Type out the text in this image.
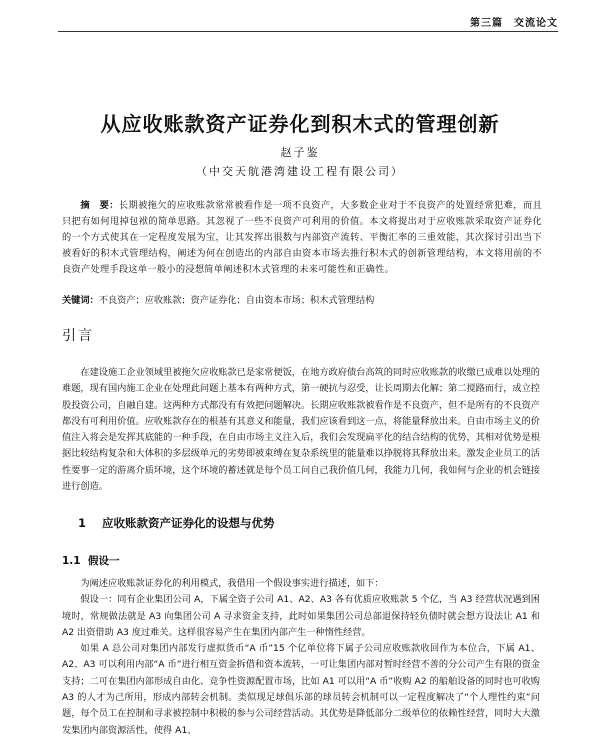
第三篇　交流论文
从应收账款资产证券化到积木式的管理创新
赵子鉴
（中交天航港湾建设工程有限公司）
摘　要：长期被拖欠的应收账款常常被看作是一项不良资产，大多数企业对于不良资产的处置经常犯难，而且只把有如何甩掉包袱的简单思路。其忽视了一些不良资产可利用的价值。本文将提出对于应收账款采取资产证券化的一个方式使其在一定程度发展为宝，让其发挥出很数与内部资产流转、平衡汇率的三重效能，其次探讨引出当下被看好的积木式管理结构，阐述为何在创造出的内部自由资本市场去推行积木式的创新管理结构，本文将用前的不良资产处理手段这单一般小的浸想简单阐述积木式管理的未来可能性和正确性。
关键词：不良资产；应收账款；资产证券化；自由资本市场；积木式管理结构
引言
在建设施工企业领域里被拖欠应收账款已是家常便饭，在地方政府债台高筑的同时应收账款的收缴已成难以处理的难题，现有国内施工企业在处理此问题上基本有两种方式，第一硬抗与忍受，让长周期去化解；第二搅路而行，成立控股投资公司，自融自建。这两种方式都没有有效把问题解决。长期应收账款被看作是不良资产，但不是所有的不良资产都没有可利用价值。应收账款存在的根基有其意义和能量，我们应该看到这一点，将能量释放出来。自由市场主义的价值注入将会是发挥其底能的一种手段，在自由市场主义注入后，我们会发现扁平化的结合结构的优势，其相对优势是根据比较结构复杂和大体积的多层级单元的劣势即被束缚在复杂系统里的能量难以挣脱将其释放出来。激发企业员工的活性要事一定的游离介质环境，这个环境的蓄述就是每个员工问自己我价值几何，我能力几何，我如何与企业的机会链接进行创造。
1 应收账款资产证券化的设想与优势
1.1 假设一

为阐述应收账款证券化的利用模式，我借用一个假设事实进行描述，如下：

假设一：同有企业集团公司 A，下属全资子公司 A1、A2、A3 各有优质应收账款 5 个亿，当 A3 经营状况遇到困境时，常规做法就是 A3 向集团公司 A 寻求资金支持，此时如果集团公司总部退保持轻负债时就会想方设法让 A1 和 A2 出资借助 A3 度过难关。这样很容易产生在集团内部产生一种惰性经营。

如果 A 总公司对集团内部发行虚拟货币“A 币”15 个亿单位将下属子公司应收账款收回作为本位合，下属 A1、A2、A3 可以利用内部“A 币”进行相互资金拆借和资本流转，一可让集团内部对暂时经营不善的分公司产生有限的资金支持；二可在集团内部形成自由化、竞争性资源配置市场，比如 A1 可以用“A 币”收购 A2 的船舶设备的同时也可收购 A3 的人才为己所用，形成内部转会机制。类似现足球俱乐部的球员转会机制可以一定程度解决了“个人理性约束”问题，每个员工在控制和寻求被控制中积极的参与公司经营活动。其优势是降低部分二级单位的依赖性经营，同时大大激发集团内部资源活性，使得 A1、
